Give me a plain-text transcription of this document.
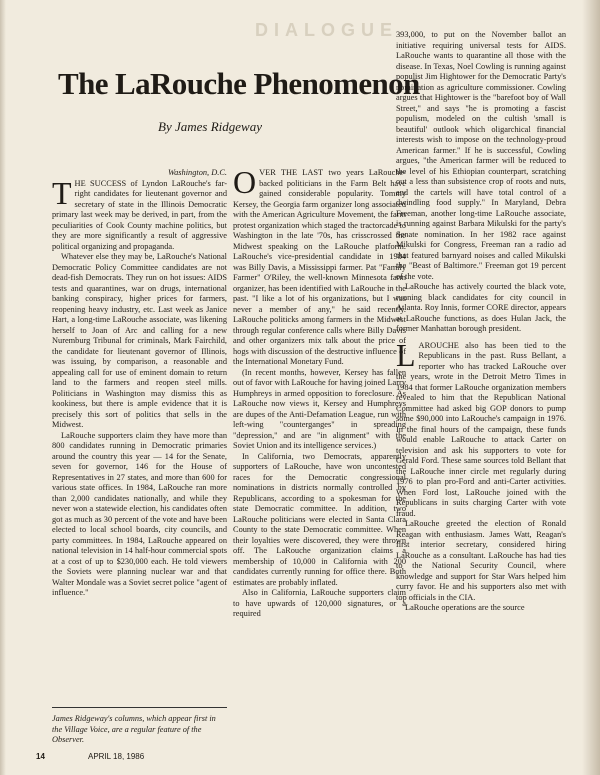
DIALOGUE
The LaRouche Phenomenon
By James Ridgeway
Washington, D.C.

THE SUCCESS of Lyndon LaRouche's far-right candidates for lieutenant governor and secretary of state in the Illinois Democratic primary last week may be derived, in part, from the peculiarities of Cook County machine politics, but they are more significantly a result of aggressive political organizing and propaganda.

Whatever else they may be, LaRouche's National Democratic Policy Committee candidates are not dead-fish Democrats. They run on hot issues: AIDS tests and quarantines, war on drugs, international banking conspiracy, higher prices for farmers, reopening heavy industry, etc. Last week as Janice Hart, a long-time LaRouche associate, was likening herself to Joan of Arc and calling for a new Nuremburg Tribunal for criminals, Mark Fairchild, the candidate for lieutenant governor of Illinois, was issuing, by comparison, a reasonable and appealing call for use of eminent domain to return land to the farmers and reopen steel mills. Politicians in Washington may dismiss this as kookiness, but there is ample evidence that it is precisely this sort of politics that sells in the Midwest.

LaRouche supporters claim they have more than 800 candidates running in Democratic primaries around the country this year — 14 for the Senate, seven for governor, 146 for the House of Representatives in 27 states, and more than 600 for various state offices. In 1984, LaRouche ran more than 2,000 candidates nationally, and while they never won a statewide election, his candidates often got as much as 30 percent of the vote and have been elected to local school boards, city councils, and party committees. In 1984, LaRouche appeared on national television in 14 half-hour commercial spots at a cost of up to $230,000 each. He told viewers the Soviets were planning nuclear war and that Walter Mondale was a Soviet secret police "agent of influence."

James Ridgeway's columns, which appear first in the Village Voice, are a regular feature of the Observer.

OVER THE LAST two years LaRouche-backed politicians in the Farm Belt have gained considerable popularity. Tommy Kersey, the Georgia farm organizer long associated with the American Agriculture Movement, the farm protest organization which staged the tractorcade to Washington in the late '70s, has crisscrossed the Midwest speaking on the LaRouche platform. LaRouche's vice-presidential candidate in 1984 was Billy Davis, a Mississippi farmer. Pat "Family Farmer" O'Riley, the well-known Minnesota farm organizer, has been identified with LaRouche in the past. "I like a lot of his organizations, but I was never a member of any," he said recently. LaRouche politicks among farmers in the Midwest through regular conference calls where Billy Davis and other organizers mix talk about the price of hogs with discussion of the destructive influence of the International Monetary Fund.

(In recent months, however, Kersey has fallen out of favor with LaRouche for having joined Larry Humphreys in armed opposition to foreclosure. As LaRouche now views it, Kersey and Humphreys are dupes of the Anti-Defamation League, run with left-wing "counterganges" in spreading "depression," and are "in alignment" with the Soviet Union and its intelligence services.)

In California, two Democrats, apparently supporters of LaRouche, have won uncontested races for the Democratic congressional nominations in districts normally controlled by Republicans, according to a spokesman for the state Democratic committee. In addition, two LaRouche politicians were elected in Santa Clara County to the state Democratic committee. When their loyalties were discovered, they were thrown off. The LaRouche organization claims a membership of 10,000 in California with 200 candidates currently running for office there. Both estimates are probably inflated.

Also in California, LaRouche supporters claim to have upwards of 120,000 signatures, or a required

393,000, to put on the November ballot an initiative requiring universal tests for AIDS. LaRouche wants to quarantine all those with the disease. In Texas, Noel Cowling is running against populist Jim Hightower for the Democratic Party's nomination as agriculture commissioner. Cowling argues that Hightower is the "barefoot boy of Wall Street," and says "he is promoting a fascist populism, modeled on the cultish 'small is beautiful' outlook which oligarchical financial interests wish to impose on the technology-proud American farmer." If he is successful, Cowling argues, "the American farmer will be reduced to the level of his Ethiopian counterpart, scratching out a less than subsistence crop of roots and nuts, and the cartels will have total control of a dwindling food supply." In Maryland, Debra Freeman, another long-time LaRouche associate, is running against Barbara Mikulski for the party's Senate nomination. In her 1982 race against Mikulski for Congress, Freeman ran a radio ad that featured barnyard noises and called Mikulski the "Beast of Baltimore." Freeman got 19 percent of the vote.

LaRouche has actively courted the black vote, running black candidates for city council in Atlanta. Roy Innis, former CORE director, appears at LaRouche functions, as does Hulan Jack, the former Manhattan borough president.

LAROUCHE also has been tied to the Republicans in the past. Russ Bellant, a reporter who has tracked LaRouche over the years, wrote in the Detroit Metro Times in 1984 that former LaRouche organization members revealed to him that the Republican National Committee had asked big GOP donors to pump some $90,000 into LaRouche's campaign in 1976. In the final hours of the campaign, these funds would enable LaRouche to attack Carter on television and ask his supporters to vote for Gerald Ford. These same sources told Bellant that the LaRouche inner circle met regularly during 1976 to plan pro-Ford and anti-Carter activities. When Ford lost, LaRouche joined with the Republicans in suits charging Carter with vote fraud.

LaRouche greeted the election of Ronald Reagan with enthusiasm. James Watt, Reagan's first interior secretary, considered hiring LaRouche as a consultant. LaRouche has had ties to the National Security Council, where knowledge and support for Star Wars helped him curry favor. He and his supporters also met with top officials in the CIA.

LaRouche operations are the source

14	APRIL 18, 1986
